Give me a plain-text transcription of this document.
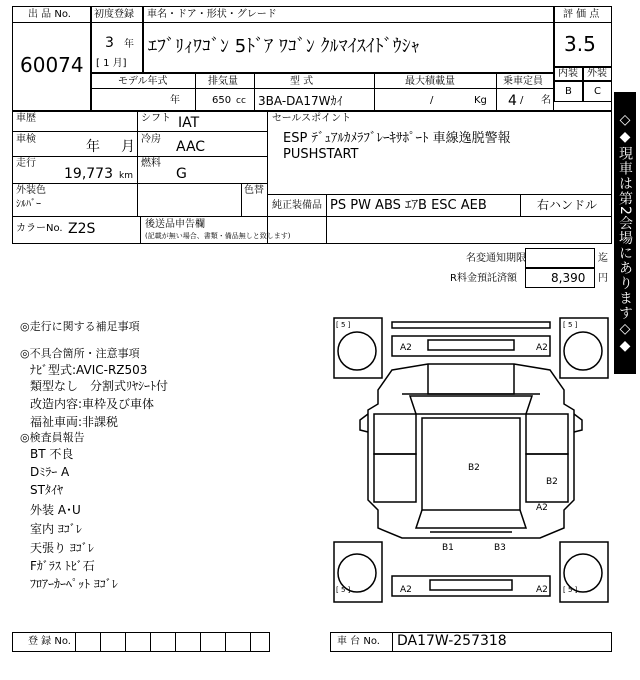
出 品 No.
60074
初度登録
3 年
[ 1 月]
車名・ドア・形状・グレード
ｴﾌﾞﾘｨﾜｺﾞﾝ 5ﾄﾞｱ ﾜｺﾞﾝ ｸﾙﾏｲｽｲﾄﾞｳｼｬ
評 価 点
3.5
内装 外装
B C
モデル年式
年
排気量
650 cc
型 式
3BA-DA17Wｶｲ
最大積載量
/	Kg
乗車定員
4 / 名
車歴
車検	年 月
走行
19,773 km
シフト IAT
冷房 AAC
燃料
G
外装色
ｼﾙﾊﾞｰ
色替
セールスポイント
ESP ﾃﾞｭｱﾙｶﾒﾗﾌﾞﾚｰｷｻﾎﾟｰﾄ 車線逸脱警報
PUSHSTART
純正装備品 PS PW ABS ｴｱB ESC AEB	右ハンドル
カラーNo. Z2S	後送品申告欄
(記載が無い場合、書類・備品無しと致します)
名変通知期限	迄
R料金預託済額	8,390 円 ◇◆現車は第2会場にあります◇◆
◎走行に関する補足事項
◎不具合箇所・注意事項
ﾅﾋﾞ型式:AVIC-RZ503
類型なし　分割式ﾘﾔｼｰﾄ付
改造内容:車枠及び車体
福祉車両:非課税
◎検査員報告
BT 不良
Dﾐﾗｰ A
STﾀｲﾔ
外装 A･U
室内 ﾖｺﾞﾚ
天張り ﾖｺﾞﾚ
Fｶﾞﾗｽ ﾄﾋﾞ石
ﾌﾛｱｰｶｰﾍﾟｯﾄ ﾖｺﾞﾚ
[ 5 ]	[ 5 ]
[ 5 ]	[ 5 ]
A2	A2
B2
B2
A2
B1	B3
A2	A2
登 録 No.	車 台 No. DA17W-257318
